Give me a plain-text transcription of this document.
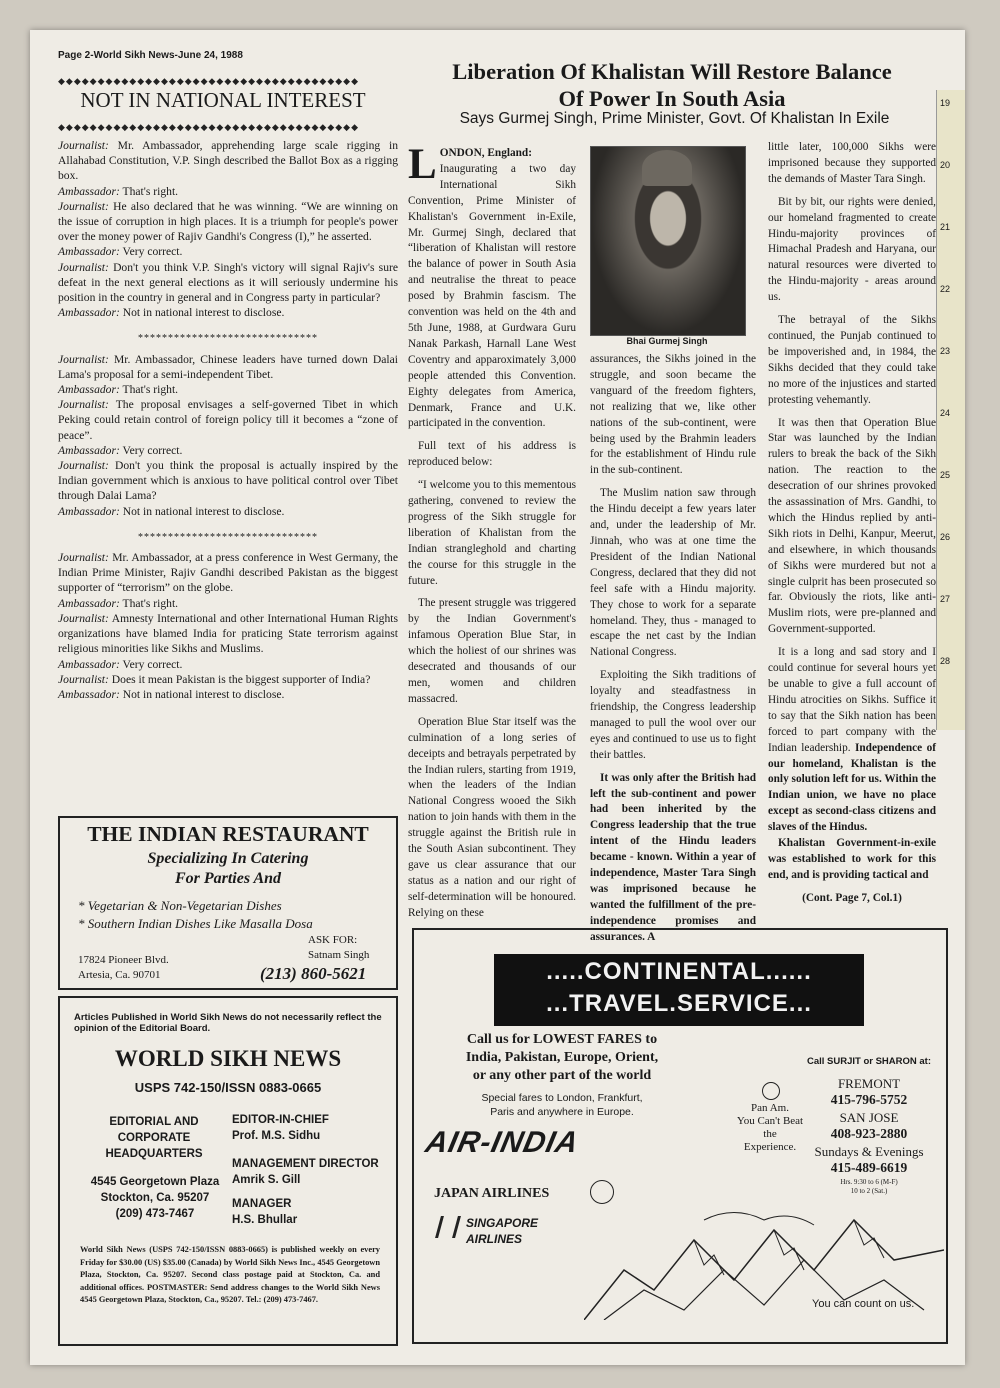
19
20
21
22
23
24
25
26
27
28
Page 2-World Sikh News-June 24, 1988
◆◆◆◆◆◆◆◆◆◆◆◆◆◆◆◆◆◆◆◆◆◆◆◆◆◆◆◆◆◆◆◆◆◆◆◆◆◆
NOT IN NATIONAL INTEREST
◆◆◆◆◆◆◆◆◆◆◆◆◆◆◆◆◆◆◆◆◆◆◆◆◆◆◆◆◆◆◆◆◆◆◆◆◆◆

Journalist: Mr. Ambassador, apprehending large scale rigging in Allahabad Constitution, V.P. Singh described the Ballot Box as a rigging box.

Ambassador: That's right.

Journalist: He also declared that he was winning. “We are winning on the issue of corruption in high places. It is a triumph for people's power over the money power of Rajiv Gandhi's Congress (I),” he asserted.

Ambassador: Very correct.

Journalist: Don't you think V.P. Singh's victory will signal Rajiv's sure defeat in the next general elections as it will seriously undermine his position in the country in general and in Congress party in particular?

Ambassador: Not in national interest to disclose.

******************************

Journalist: Mr. Ambassador, Chinese leaders have turned down Dalai Lama's proposal for a semi-independent Tibet.

Ambassador: That's right.

Journalist: The proposal envisages a self-governed Tibet in which Peking could retain control of foreign policy till it becomes a “zone of peace”.

Ambassador: Very correct.

Journalist: Don't you think the proposal is actually inspired by the Indian government which is anxious to have political control over Tibet through Dalai Lama?

Ambassador: Not in national interest to disclose.

******************************

Journalist: Mr. Ambassador, at a press conference in West Germany, the Indian Prime Minister, Rajiv Gandhi described Pakistan as the biggest supporter of “terrorism” on the globe.

Ambassador: That's right.

Journalist: Amnesty International and other International Human Rights organizations have blamed India for praticing State terrorism against religious minorities like Sikhs and Muslims.

Ambassador: Very correct.

Journalist: Does it mean Pakistan is the biggest supporter of India?

Ambassador: Not in national interest to disclose.

THE INDIAN RESTAURANT
Specializing In Catering
For Parties And
* Vegetarian & Non-Vegetarian Dishes
* Southern Indian Dishes Like Masalla Dosa
ASK FOR:
Satnam Singh
17824 Pioneer Blvd.
Artesia, Ca. 90701	(213) 860-5621
Articles Published in World Sikh News do not necessarily reflect the opinion of the Editorial Board.
WORLD SIKH NEWS
USPS 742-150/ISSN 0883-0665
EDITORIAL AND CORPORATE HEADQUARTERS
EDITOR-IN-CHIEF
Prof. M.S. Sidhu
MANAGEMENT DIRECTOR
Amrik S. Gill
4545 Georgetown Plaza
Stockton, Ca. 95207
(209) 473-7467
MANAGER
H.S. Bhullar
World Sikh News (USPS 742-150/ISSN 0883-0665) is published weekly on every Friday for $30.00 (US) $35.00 (Canada) by World Sikh News Inc., 4545 Georgetown Plaza, Stockton, Ca. 95207. Second class postage paid at Stockton, Ca. and additional offices. POSTMASTER: Send address changes to the World Sikh News 4545 Georgetown Plaza, Stockton, Ca., 95207. Tel.: (209) 473-7467.
Liberation Of Khalistan Will Restore Balance
Of Power In South Asia
Says Gurmej Singh, Prime Minister, Govt. Of Khalistan In Exile

LONDON, England:
Inaugurating a two day International Sikh Convention, Prime Minister of Khalistan's Government in-Exile, Mr. Gurmej Singh, declared that “liberation of Khalistan will restore the balance of power in South Asia and neutralise the threat to peace posed by Brahmin fascism. The convention was held on the 4th and 5th June, 1988, at Gurdwara Guru Nanak Parkash, Harnall Lane West Coventry and apparoximately 3,000 people attended this Convention. Eighty delegates from America, Denmark, France and U.K. participated in the convention.

Full text of his address is reproduced below:

“I welcome you to this mementous gathering, convened to review the progress of the Sikh struggle for liberation of Khalistan from the Indian strangleghold and charting the course for this struggle in the future.

The present struggle was triggered by the Indian Government's infamous Operation Blue Star, in which the holiest of our shrines was desecrated and thousands of our men, women and children massacred.

Operation Blue Star itself was the culmination of a long series of deceipts and betrayals perpetrated by the Indian rulers, starting from 1919, when the leaders of the Indian National Congress wooed the Sikh nation to join hands with them in the struggle against the British rule in the South Asian subcontinent. They gave us clear assurance that our status as a nation and our right of self-determination will be honoured. Relying on these

Bhai Gurmej Singh

assurances, the Sikhs joined in the struggle, and soon became the vanguard of the freedom fighters, not realizing that we, like other nations of the sub-continent, were being used by the Brahmin leaders for the establishment of Hindu rule in the sub-continent.

The Muslim nation saw through the Hindu deceipt a few years later and, under the leadership of Mr. Jinnah, who was at one time the President of the Indian National Congress, declared that they did not feel safe with a Hindu majority. They chose to work for a separate homeland. They, thus - managed to escape the net cast by the Indian National Congress.

Exploiting the Sikh traditions of loyalty and steadfastness in friendship, the Congress leadership managed to pull the wool over our eyes and continued to use us to fight their battles.

It was only after the British had left the sub-continent and power had been inherited by the Congress leadership that the true intent of the Hindu leaders became - known. Within a year of independence, Master Tara Singh was imprisoned because he wanted the fulfillment of the pre-independence promises and assurances. A

little later, 100,000 Sikhs were imprisoned because they supported the demands of Master Tara Singh.

Bit by bit, our rights were denied, our homeland fragmented to create Hindu-majority provinces of Himachal Pradesh and Haryana, our natural resources were diverted to the Hindu-majority - areas around us.

The betrayal of the Sikhs continued, the Punjab continued to be impoverished and, in 1984, the Sikhs decided that they could take no more of the injustices and started protesting vehemantly.

It was then that Operation Blue Star was launched by the Indian rulers to break the back of the Sikh nation. The reaction to the desecration of our shrines provoked the assassination of Mrs. Gandhi, to which the Hindus replied by anti-Sikh riots in Delhi, Kanpur, Meerut, and elsewhere, in which thousands of Sikhs were murdered but not a single culprit has been prosecuted so far. Obviously the riots, like anti-Muslim riots, were pre-planned and Government-supported.

It is a long and sad story and I could continue for several hours yet be unable to give a full account of Hindu atrocities on Sikhs. Suffice it to say that the Sikh nation has been forced to part company with the Indian leadership. Independence of our homeland, Khalistan is the only solution left for us. Within the Indian union, we have no place except as second-class citizens and slaves of the Hindus.

Khalistan Government-in-exile was established to work for this end, and is providing tactical and

(Cont. Page 7, Col.1)
.....CONTINENTAL......
...TRAVEL.SERVICE...
Call us for LOWEST FARES to
India, Pakistan, Europe, Orient,
or any other part of the world
Special fares to London, Frankfurt,
Paris and anywhere in Europe.
AIR-INDIA
Pan Am.
You Can't Beat
the
Experience.
JAPAN AIRLINES
SINGAPORE
AIRLINES
Call SURJIT or SHARON at:
FREMONT
415-796-5752
SAN JOSE
408-923-2880
Sundays & Evenings
415-489-6619
Hrs. 9:30 to 6 (M-F)
10 to 2 (Sat.)
You can count on us.
